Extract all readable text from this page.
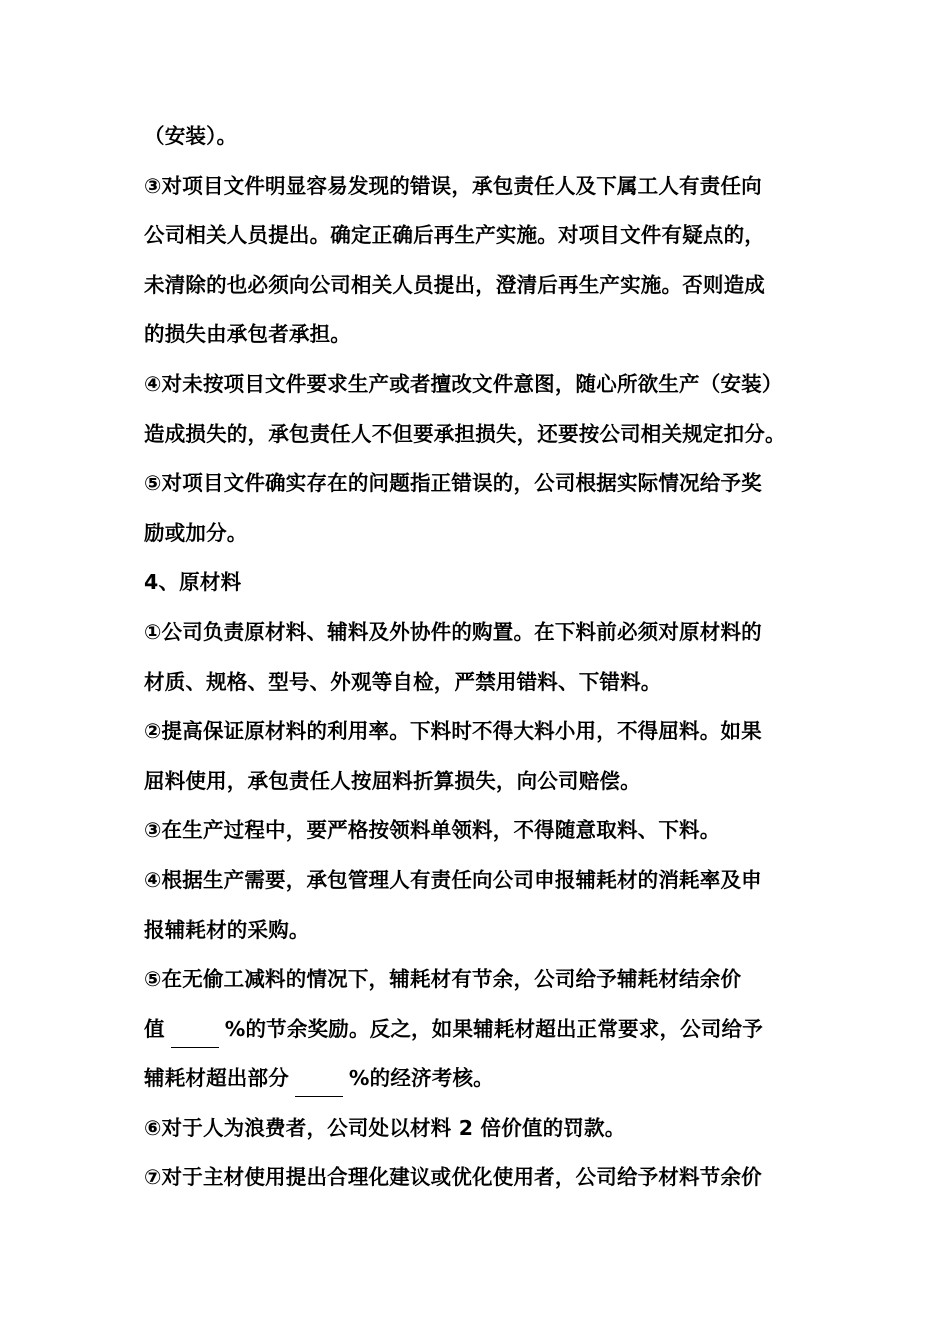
（安装）。
③对项目文件明显容易发现的错误，承包责任人及下属工人有责任向
公司相关人员提出。确定正确后再生产实施。对项目文件有疑点的，
未清除的也必须向公司相关人员提出，澄清后再生产实施。否则造成
的损失由承包者承担。
④对未按项目文件要求生产或者擅改文件意图，随心所欲生产（安装）
造成损失的，承包责任人不但要承担损失，还要按公司相关规定扣分。
⑤对项目文件确实存在的问题指正错误的，公司根据实际情况给予奖
励或加分。
4、原材料
①公司负责原材料、辅料及外协件的购置。在下料前必须对原材料的
材质、规格、型号、外观等自检，严禁用错料、下错料。
②提高保证原材料的利用率。下料时不得大料小用，不得屈料。如果
屈料使用，承包责任人按屈料折算损失，向公司赔偿。
③在生产过程中，要严格按领料单领料，不得随意取料、下料。
④根据生产需要，承包管理人有责任向公司申报辅耗材的消耗率及申
报辅耗材的采购。
⑤在无偷工减料的情况下，辅耗材有节余，公司给予辅耗材结余价
值	%的节余奖励。反之，如果辅耗材超出正常要求，公司给予
辅耗材超出部分	%的经济考核。
⑥对于人为浪费者，公司处以材料 2 倍价值的罚款。
⑦对于主材使用提出合理化建议或优化使用者，公司给予材料节余价
